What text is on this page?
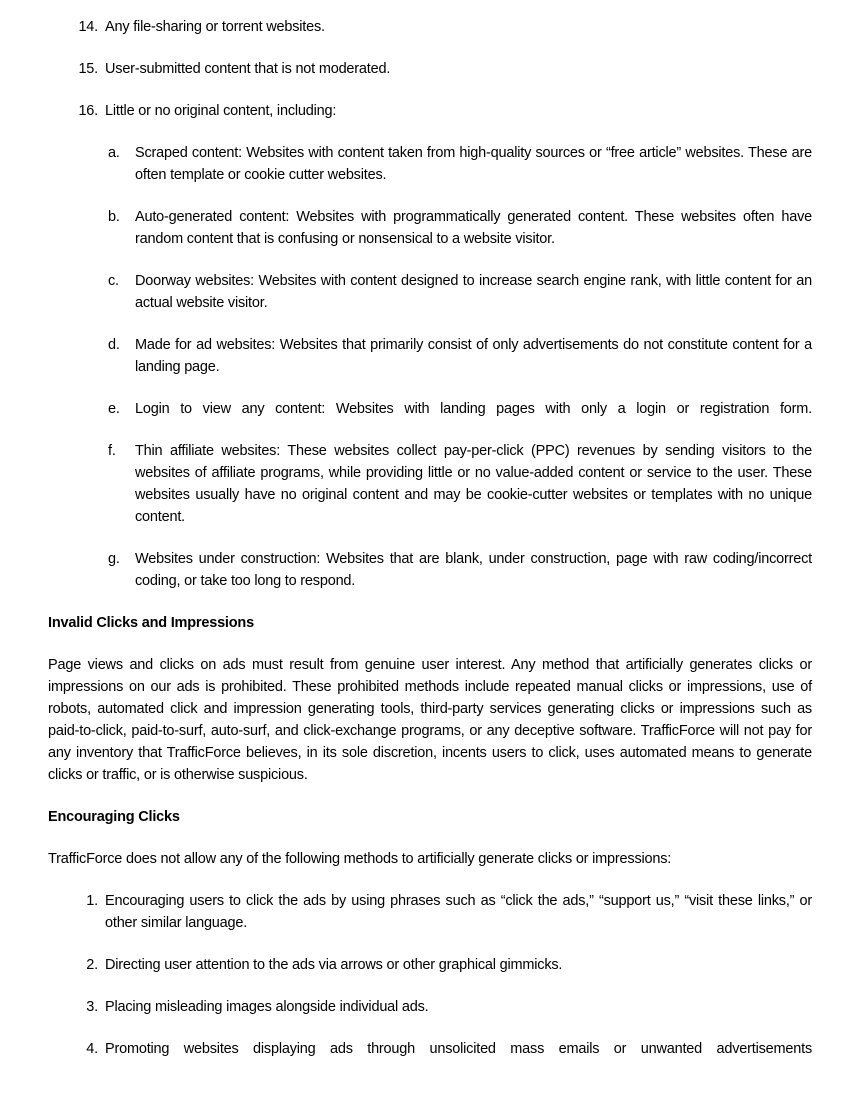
14. Any file-sharing or torrent websites.
15. User-submitted content that is not moderated.
16. Little or no original content, including:
a.	Scraped content: Websites with content taken from high-quality sources or “free article” websites. These are often template or cookie cutter websites.
b.	Auto-generated content: Websites with programmatically generated content. These websites often have random content that is confusing or nonsensical to a website visitor.
c.	Doorway websites: Websites with content designed to increase search engine rank, with little content for an actual website visitor.
d.	Made for ad websites: Websites that primarily consist of only advertisements do not constitute content for a landing page.
e.	Login to view any content: Websites with landing pages with only a login or registration form.
f.	Thin affiliate websites: These websites collect pay-per-click (PPC) revenues by sending visitors to the websites of affiliate programs, while providing little or no value-added content or service to the user. These websites usually have no original content and may be cookie-cutter websites or templates with no unique content.
g.	Websites under construction: Websites that are blank, under construction, page with raw coding/incorrect coding, or take too long to respond.
Invalid Clicks and Impressions
Page views and clicks on ads must result from genuine user interest. Any method that artificially generates clicks or impressions on our ads is prohibited. These prohibited methods include repeated manual clicks or impressions, use of robots, automated click and impression generating tools, third-party services generating clicks or impressions such as paid-to-click, paid-to-surf, auto-surf, and click-exchange programs, or any deceptive software. TrafficForce will not pay for any inventory that TrafficForce believes, in its sole discretion, incents users to click, uses automated means to generate clicks or traffic, or is otherwise suspicious.
Encouraging Clicks
TrafficForce does not allow any of the following methods to artificially generate clicks or impressions:
1. Encouraging users to click the ads by using phrases such as “click the ads,” “support us,” “visit these links,” or other similar language.
2. Directing user attention to the ads via arrows or other graphical gimmicks.
3. Placing misleading images alongside individual ads.
4. Promoting websites displaying ads through unsolicited mass emails or unwanted advertisements
